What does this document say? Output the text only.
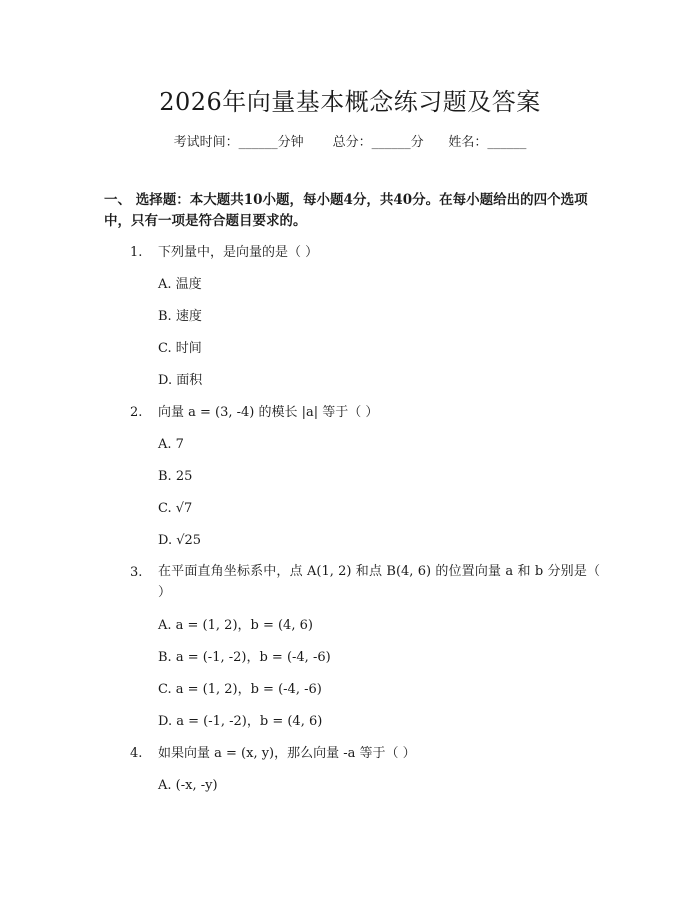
2026年向量基本概念练习题及答案
考试时间：______分钟 总分：______分 姓名：______

一、 选择题：本大题共10小题，每小题4分，共40分。在每小题给出的四个选项中，只有一项是符合题目要求的。

1. 下列量中，是向量的是（ ）
A. 温度
B. 速度
C. 时间
D. 面积
2. 向量 a = (3, -4) 的模长 |a| 等于（ ）
A. 7
B. 25
C. √7
D. √25
3. 在平面直角坐标系中，点 A(1, 2) 和点 B(4, 6) 的位置向量 a 和 b 分别是（ ）
A. a = (1, 2)，b = (4, 6)
B. a = (-1, -2)，b = (-4, -6)
C. a = (1, 2)，b = (-4, -6)
D. a = (-1, -2)，b = (4, 6)
4. 如果向量 a = (x, y)，那么向量 -a 等于（ ）
A. (-x, -y)
